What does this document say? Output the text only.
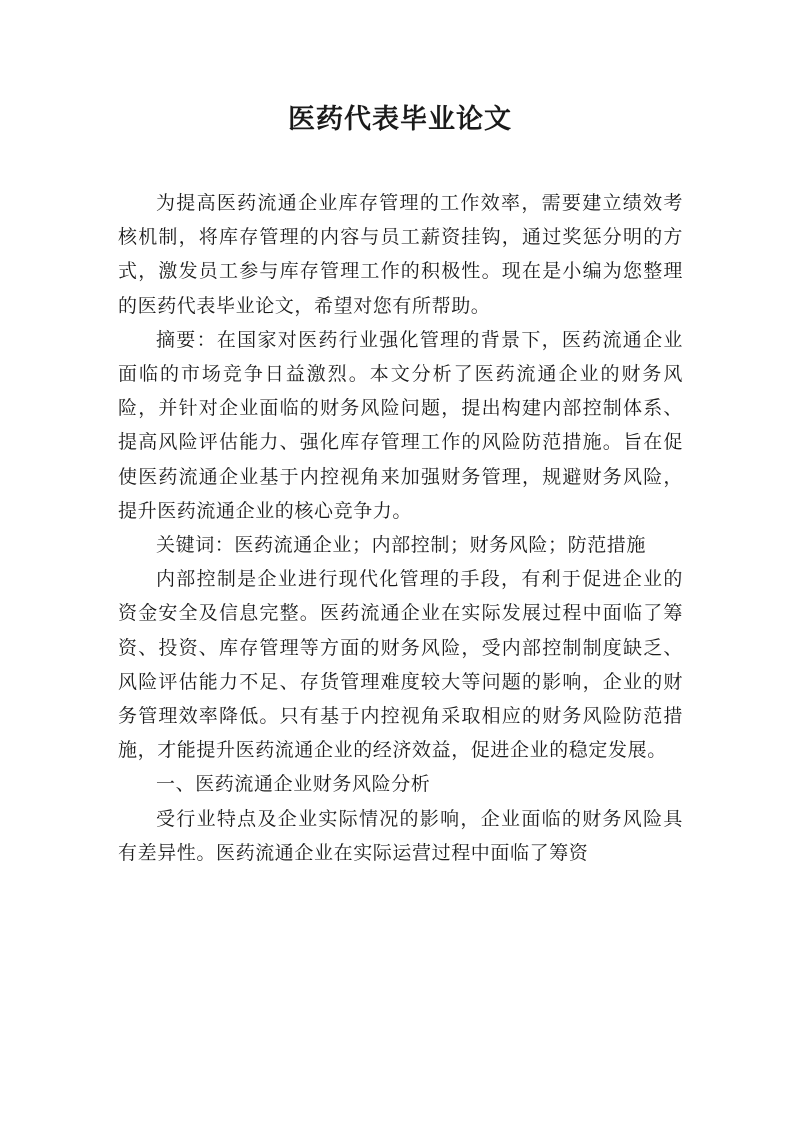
医药代表毕业论文

为提高医药流通企业库存管理的工作效率，需要建立绩效考核机制，将库存管理的内容与员工薪资挂钩，通过奖惩分明的方式，激发员工参与库存管理工作的积极性。现在是小编为您整理的医药代表毕业论文，希望对您有所帮助。

摘要：在国家对医药行业强化管理的背景下，医药流通企业面临的市场竞争日益激烈。本文分析了医药流通企业的财务风险，并针对企业面临的财务风险问题，提出构建内部控制体系、提高风险评估能力、强化库存管理工作的风险防范措施。旨在促使医药流通企业基于内控视角来加强财务管理，规避财务风险，提升医药流通企业的核心竞争力。

关键词：医药流通企业；内部控制；财务风险；防范措施

内部控制是企业进行现代化管理的手段，有利于促进企业的资金安全及信息完整。医药流通企业在实际发展过程中面临了筹资、投资、库存管理等方面的财务风险，受内部控制制度缺乏、风险评估能力不足、存货管理难度较大等问题的影响，企业的财务管理效率降低。只有基于内控视角采取相应的财务风险防范措施，才能提升医药流通企业的经济效益，促进企业的稳定发展。

一、医药流通企业财务风险分析

受行业特点及企业实际情况的影响，企业面临的财务风险具有差异性。医药流通企业在实际运营过程中面临了筹资
